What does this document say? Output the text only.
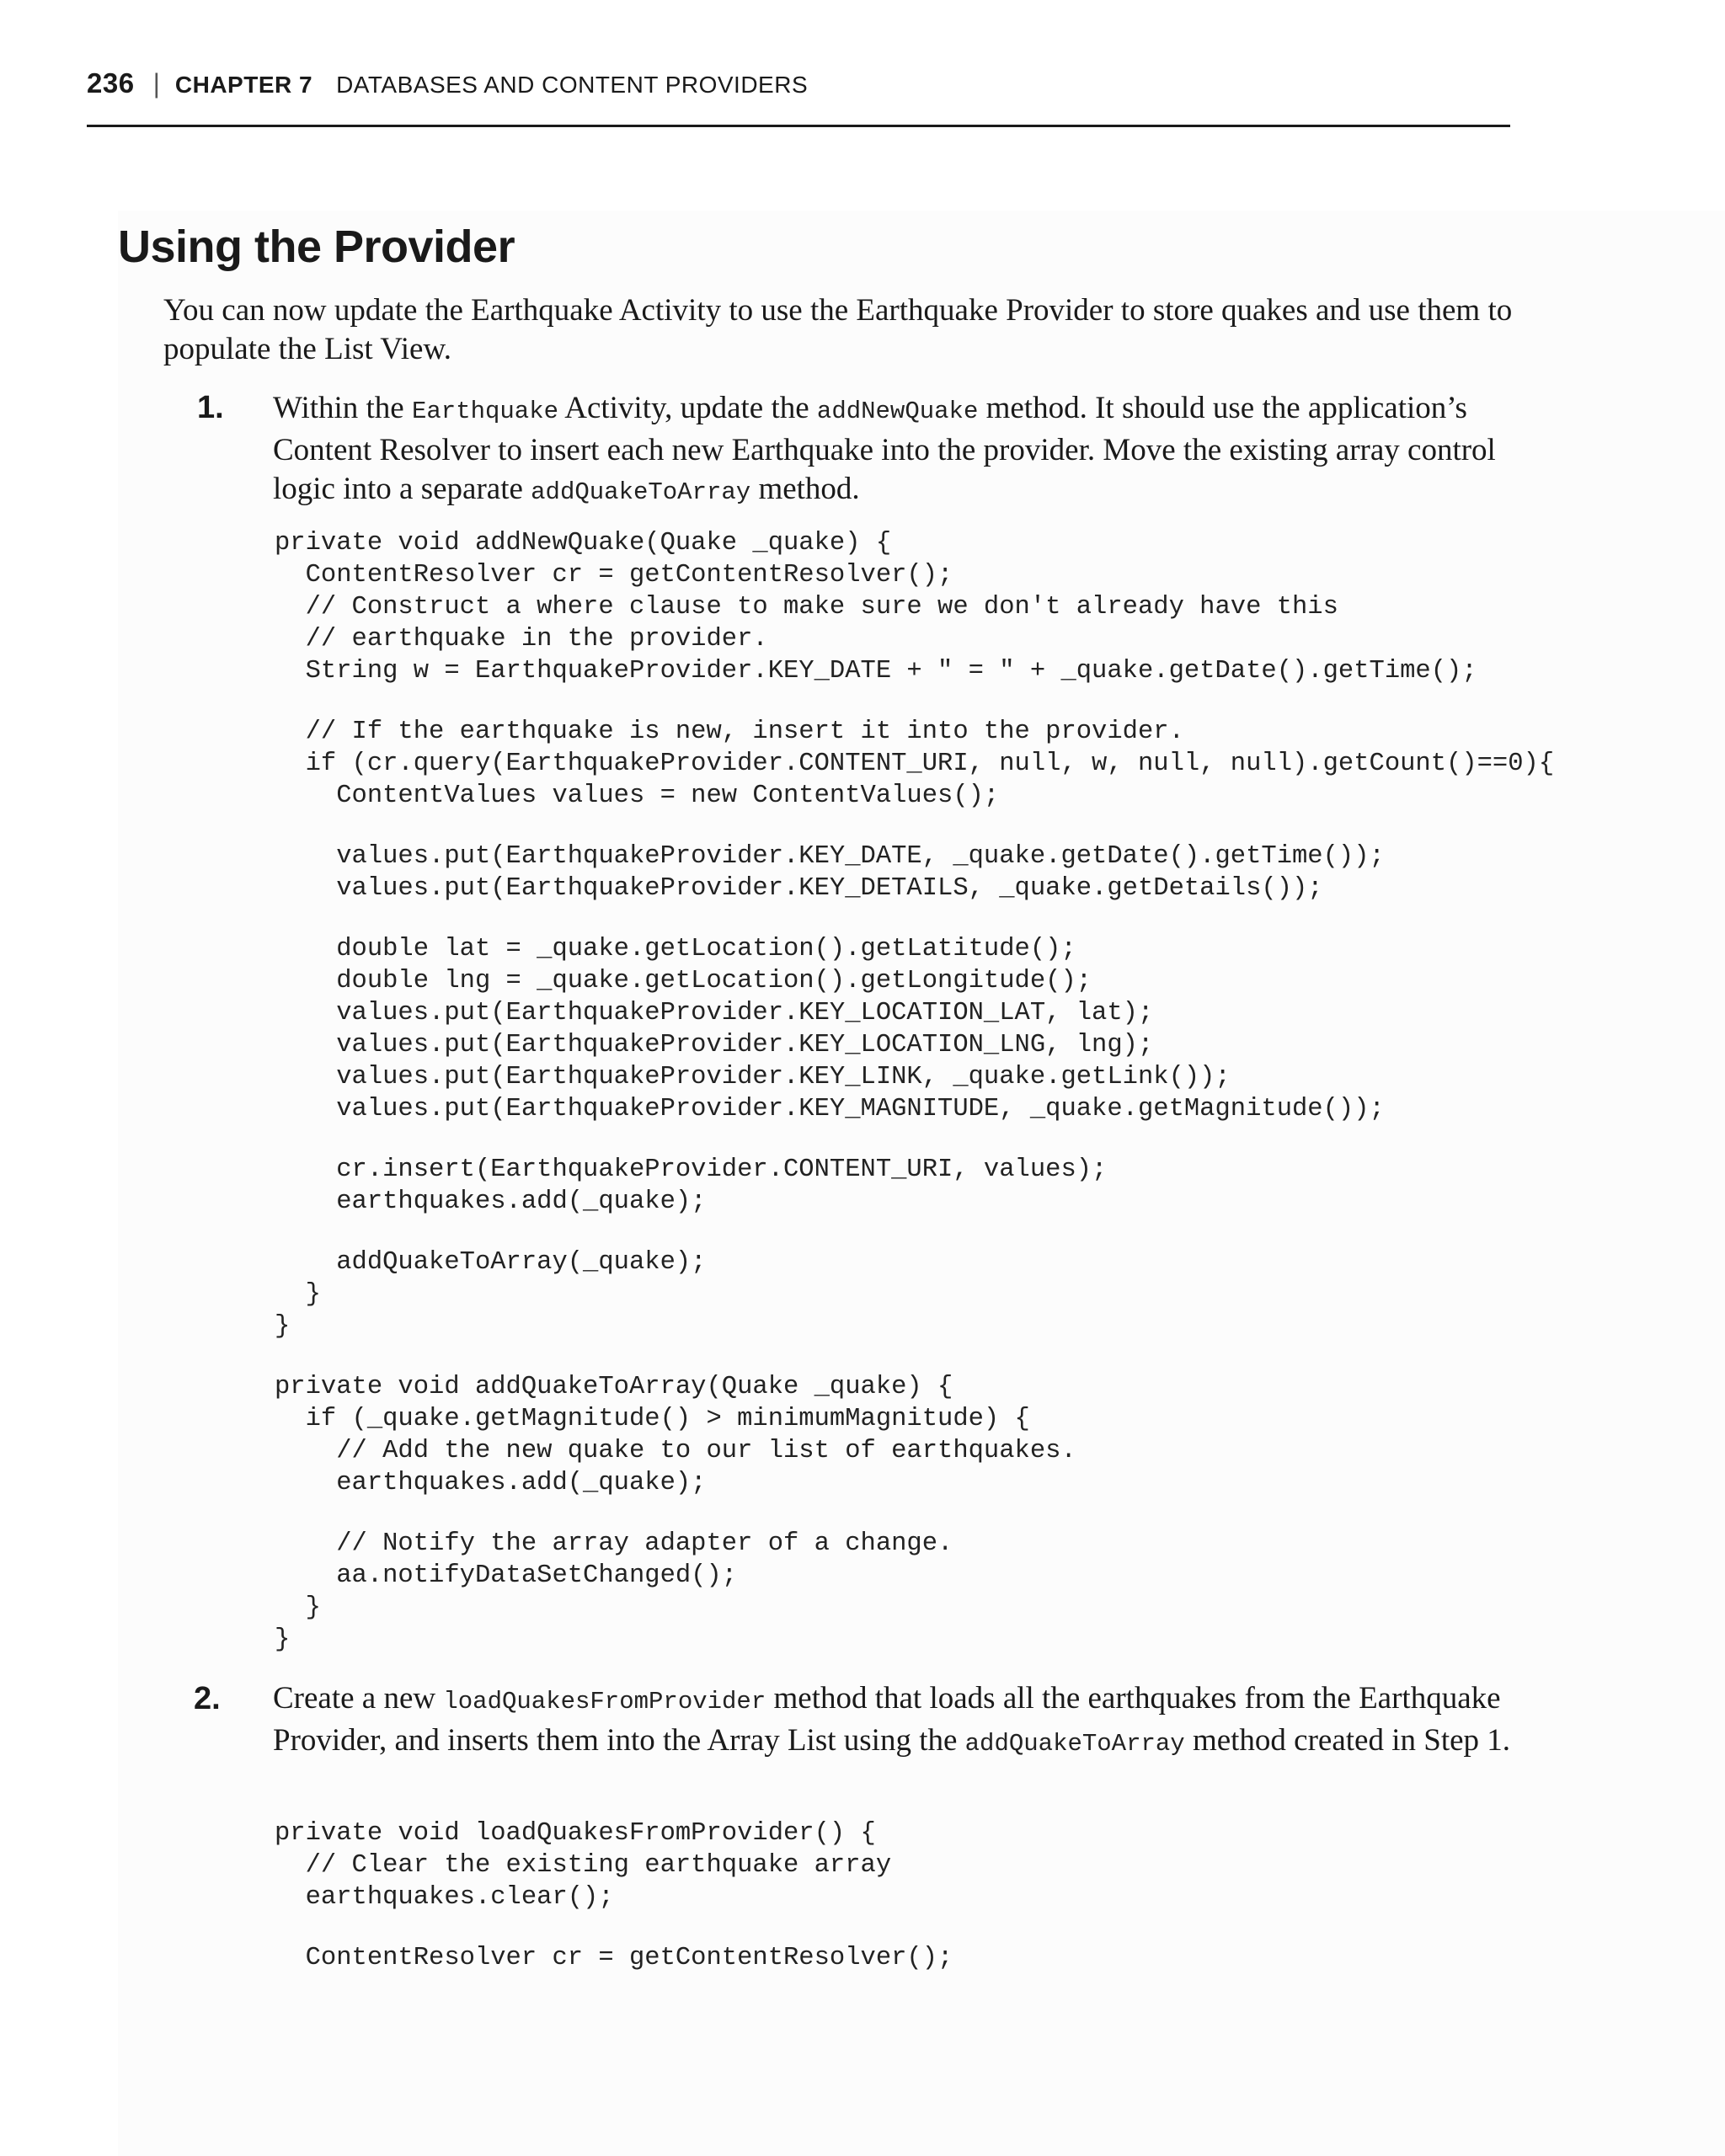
236 | CHAPTER 7 DATABASES AND CONTENT PROVIDERS
Using the Provider

You can now update the Earthquake Activity to use the Earthquake Provider to store quakes and use them to populate the List View.

1. Within the Earthquake Activity, update the addNewQuake method. It should use the application’s Content Resolver to insert each new Earthquake into the provider. Move the existing array control logic into a separate addQuakeToArray method.

private void addNewQuake(Quake _quake) {
ContentResolver cr = getContentResolver();
// Construct a where clause to make sure we don't already have this
// earthquake in the provider.
String w = EarthquakeProvider.KEY_DATE + " = " + _quake.getDate().getTime();
// If the earthquake is new, insert it into the provider.
if (cr.query(EarthquakeProvider.CONTENT_URI, null, w, null, null).getCount()==0){
ContentValues values = new ContentValues();
values.put(EarthquakeProvider.KEY_DATE, _quake.getDate().getTime());
values.put(EarthquakeProvider.KEY_DETAILS, _quake.getDetails());
double lat = _quake.getLocation().getLatitude();
double lng = _quake.getLocation().getLongitude();
values.put(EarthquakeProvider.KEY_LOCATION_LAT, lat);
values.put(EarthquakeProvider.KEY_LOCATION_LNG, lng);
values.put(EarthquakeProvider.KEY_LINK, _quake.getLink());
values.put(EarthquakeProvider.KEY_MAGNITUDE, _quake.getMagnitude());
cr.insert(EarthquakeProvider.CONTENT_URI, values);
earthquakes.add(_quake);
addQuakeToArray(_quake);
}
}
private void addQuakeToArray(Quake _quake) {
if (_quake.getMagnitude() > minimumMagnitude) {
// Add the new quake to our list of earthquakes.
earthquakes.add(_quake);
// Notify the array adapter of a change.
aa.notifyDataSetChanged();
}
}
2. Create a new loadQuakesFromProvider method that loads all the earthquakes from the Earthquake Provider, and inserts them into the Array List using the addQuakeToArray method created in Step 1.

private void loadQuakesFromProvider() {
// Clear the existing earthquake array
earthquakes.clear();
ContentResolver cr = getContentResolver();
